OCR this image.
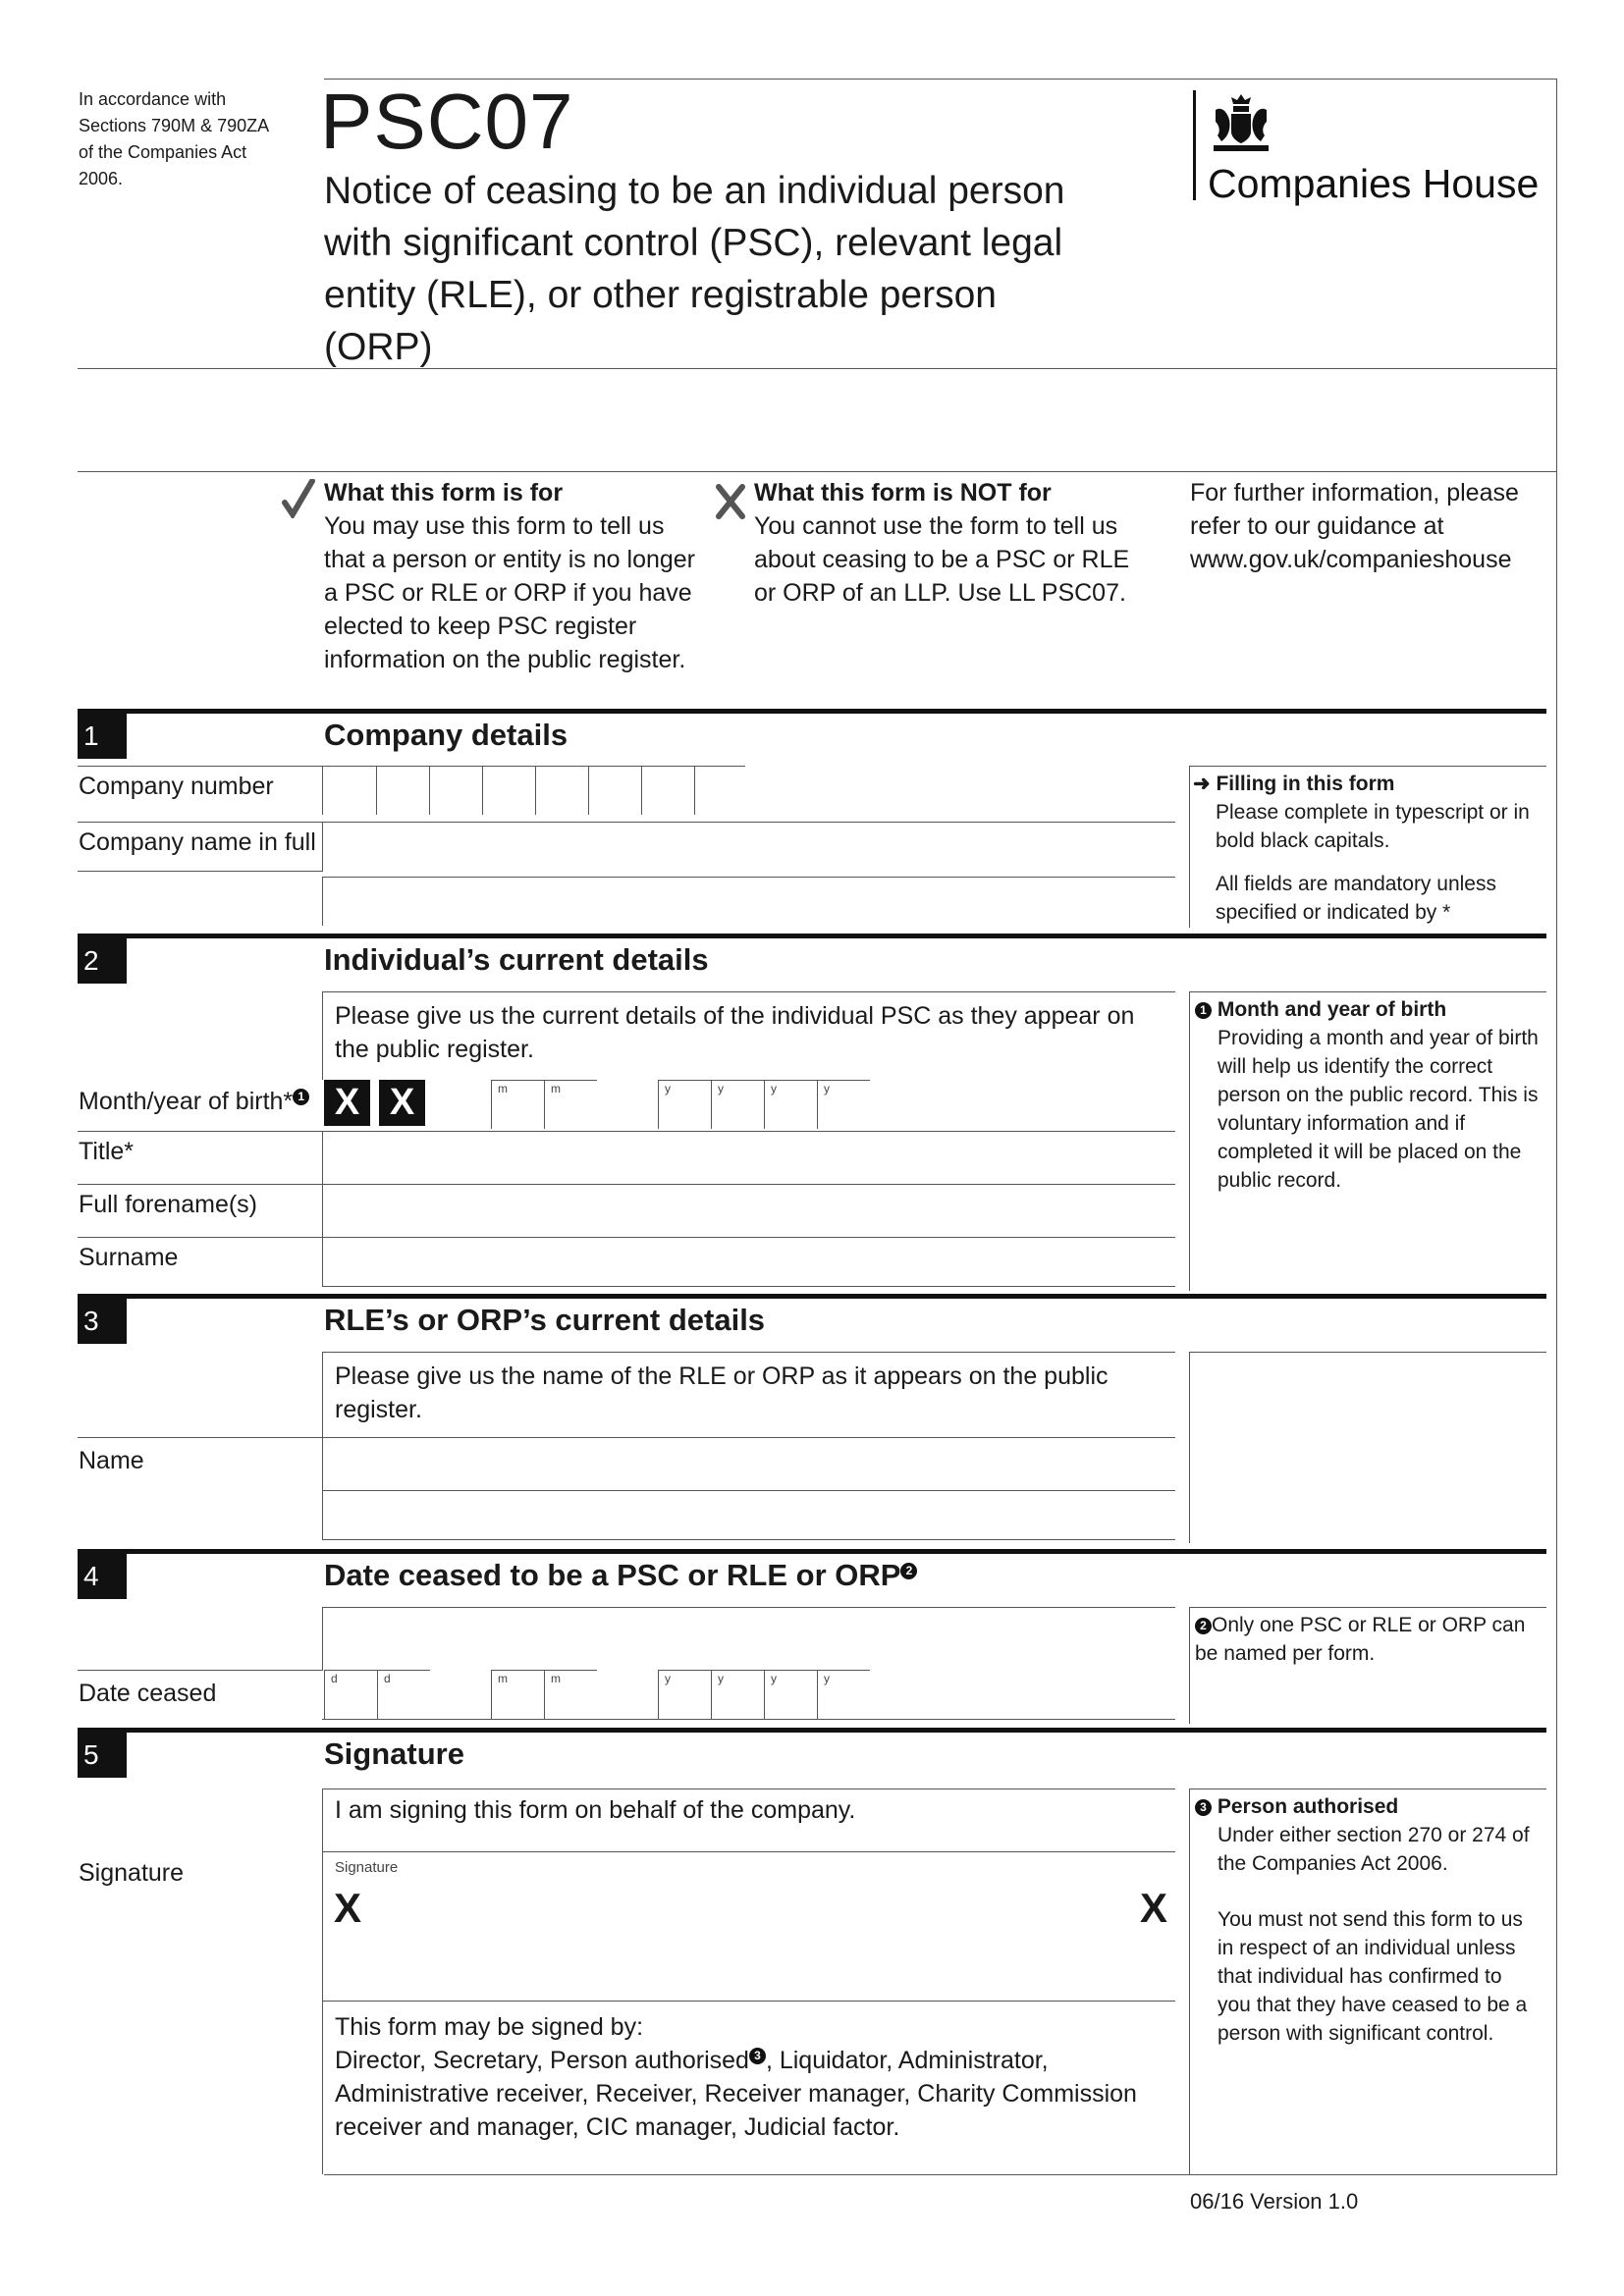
In accordance with Sections 790M & 790ZA of the Companies Act 2006.
PSC07
Notice of ceasing to be an individual person with significant control (PSC), relevant legal entity (RLE), or other registrable person (ORP)
Companies House
What this form is for
You may use this form to tell us that a person or entity is no longer a PSC or RLE or ORP if you have elected to keep PSC register information on the public register.
What this form is NOT for
You cannot use the form to tell us about ceasing to be a PSC or RLE or ORP of an LLP. Use LL PSC07.
For further information, please refer to our guidance at www.gov.uk/companieshouse
1	Company details
Company number
Company name in full
➜ Filling in this form
Please complete in typescript or in bold black capitals.
All fields are mandatory unless specified or indicated by *
2	Individual’s current details
Please give us the current details of the individual PSC as they appear on the public register.
Month/year of birth* 1 X X	m	m	y	y	y	y
Title*
Full forename(s)
Surname
1 Month and year of birth
Providing a month and year of birth will help us identify the correct person on the public record. This is voluntary information and if completed it will be placed on the public record.
3	RLE’s or ORP’s current details
Please give us the name of the RLE or ORP as it appears on the public register.
Name
4	Date ceased to be a PSC or RLE or ORP 2
Date ceased
d	d	m	m	y	y	y	y
2 Only one PSC or RLE or ORP can be named per form.
5	Signature
I am signing this form on behalf of the company.
Signature	Signature
X	X
This form may be signed by:
Director, Secretary, Person authorised 3 , Liquidator, Administrator, Administrative receiver, Receiver, Receiver manager, Charity Commission receiver and manager, CIC manager, Judicial factor.
3 Person authorised
Under either section 270 or 274 of the Companies Act 2006.
You must not send this form to us in respect of an individual unless that individual has confirmed to you that they have ceased to be a person with significant control.
06/16 Version 1.0
